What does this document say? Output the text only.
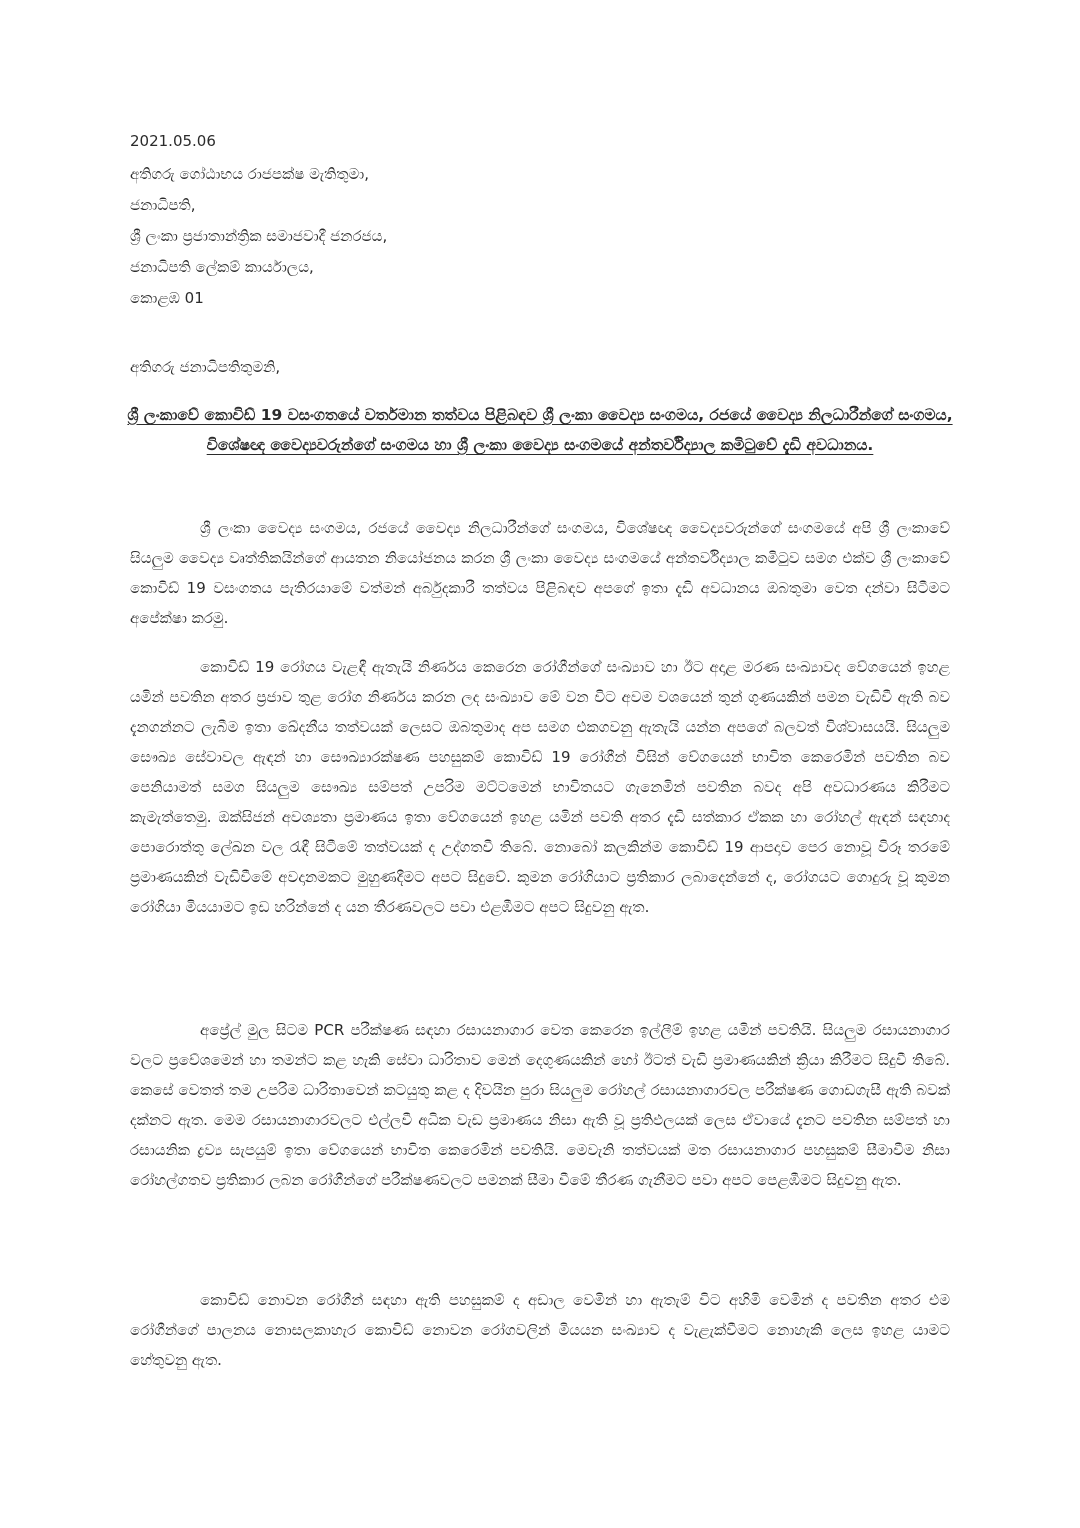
2021.05.06
අතිගරු ගෝඨාභය රාජපක්ෂ මැතිතුමා,
ජනාධිපති,
ශ්‍රී ලංකා ප්‍රජාතාන්ත්‍රික සමාජවාදී ජනරජය,
ජනාධිපති ලේකම් කාර්යාලය,
කොළඹ 01
අතිගරු ජනාධිපතිතුමනි,

ශ්‍රී ලංකාවේ කොවිඩ් 19 වසංගතයේ වර්තමාන තත්වය පිළිබඳව ශ්‍රී ලංකා වෛද්‍ය සංගමය, රජයේ වෛද්‍ය නිලධාරීන්ගේ සංගමය, විශේෂඥ වෛද්‍යවරුන්ගේ සංගමය හා ශ්‍රී ලංකා වෛද්‍ය සංගමයේ අන්තර්විද්‍යාල කමිටුවේ දැඩි අවධානය.

ශ්‍රී ලංකා වෛද්‍ය සංගමය, රජයේ වෛද්‍ය නිලධාරීන්ගේ සංගමය, විශේෂඥ වෛද්‍යවරුන්ගේ සංගමයේ අපි ශ්‍රී ලංකාවේ සියලුම වෛද්‍ය වෘත්තිකයින්ගේ ආයතන නියෝජනය කරන ශ්‍රී ලංකා වෛද්‍ය සංගමයේ අන්තර්විද්‍යාල කමිටුව සමග එක්ව ශ්‍රී ලංකාවේ කොවිඩ් 19 වසංගතය පැතිරයාමේ වත්මන් අර්බුදකාරී තත්වය පිළිබඳව අපගේ ඉතා දැඩි අවධානය ඔබතුමා වෙත දන්වා සිටීමට අපේක්ෂා කරමු.

කොවිඩ් 19 රෝගය වැළඳී ඇතැයි නිර්ණය කෙරෙන රෝගීන්ගේ සංඛ්‍යාව හා ඊට අදාළ මරණ සංඛ්‍යාවද වේගයෙන් ඉහළ යමින් පවතින අතර ප්‍රජාව තුළ රෝග නිර්ණය කරන ලද සංඛ්‍යාව මේ වන විට අවම වශයෙන් තුන් ගුණයකින් පමන වැඩිවී ඇති බව දැනගන්නට ලැබීම ඉතා ඛේදනීය තත්වයක් ලෙසට ඔබතුමාද අප සමග එකගවනු ඇතැයි යන්න අපගේ බලවත් විශ්වාසයයි. සියලුම සෞඛ්‍ය සේවාවල ඇඳන් හා සෞඛ්‍යාරක්ෂණ පහසුකම් කොවිඩ් 19 රෝගීන් විසින් වේගයෙන් භාවිත කෙරෙමින් පවතින බව පෙනියාමත් සමග සියලුම සෞඛ්‍ය සම්පත් උපරිම මට්ටමෙන් භාවිතයට ගැනෙමින් පවතින බවද අපි අවධාරණය කිරීමට කැමැත්තෙමු. ඔක්සිජන් අවශ්‍යතා ප්‍රමාණය ඉතා වේගයෙන් ඉහළ යමින් පවති අතර දැඩි සත්කාර ඒකක හා රෝහල් ඇඳන් සඳහාද පොරොත්තු ලේඛන වල රැඳී සිටීමේ තත්වයක් ද උද්ගතවී තිබේ. නොබෝ කලකින්ම කොවිඩ් 19 ආපදාව පෙර නොවූ විරූ තරමේ ප්‍රමාණයකින් වැඩිවීමේ අවදානමකට මුහුණදීමට අපට සිදුවේ. කුමන රෝගියාට ප්‍රතිකාර ලබාදෙන්නේ ද, රෝගයට ගොදුරු වූ කුමන රෝගියා මියයාමට ඉඩ හරින්නේ ද යන තීරණවලට පවා එළඹීමට අපට සිදුවනු ඇත.

අප්‍රේල් මුල සිටම PCR පරීක්ෂණ සඳහා රසායනාගාර වෙත කෙරෙන ඉල්ලීම් ඉහළ යමින් පවතියි. සියලුම රසායනාගාර වලට ප්‍රවේශමෙන් හා තමන්ට කළ හැකි සේවා ධාරිතාව මෙන් දෙගුණයකින් හෝ ඊටත් වැඩි ප්‍රමාණයකින් ක්‍රියා කිරීමට සිදුවී තිබේ. කෙසේ වෙතත් තම උපරිම ධාරිතාවෙන් කටයුතු කළ ද දිවයින පුරා සියලුම රෝහල් රසායනාගාරවල පරීක්ෂණ ගොඩගැසී ඇති බවක් දක්නට ඇත. මෙම රසායනාගාරවලට එල්ලවී අධික වැඩ ප්‍රමාණය නිසා ඇති වූ ප්‍රතිඵලයක් ලෙස ඒවායේ දැනට පවතින සම්පත් හා රසායනික ද්‍රව්‍ය සැපයුම් ඉතා වේගයෙන් භාවිත කෙරෙමින් පවතියි. මෙවැනි තත්වයක් මත රසායනාගාර පහසුකම් සීමාවීම නිසා රෝහල්ගතව ප්‍රතිකාර ලබන රෝගීන්ගේ පරීක්ෂණවලට පමනක් සීමා වීමේ තීරණ ගැනීමට පවා අපට පෙළඹීමට සිදුවනු ඇත.

කොවිඩ් නොවන රෝගීන් සඳහා ඇති පහසුකම් ද අඩාල වෙමින් හා ඇතැම් විට අහිමි වෙමින් ද පවතින අතර එම රෝගීන්ගේ පාලනය නොසලකාහැර කොවිඩ් නොවන රෝගවලින් මියයන සංඛ්‍යාව ද වැළැක්වීමට නොහැකි ලෙස ඉහළ යාමට හේතුවනු ඇත.
